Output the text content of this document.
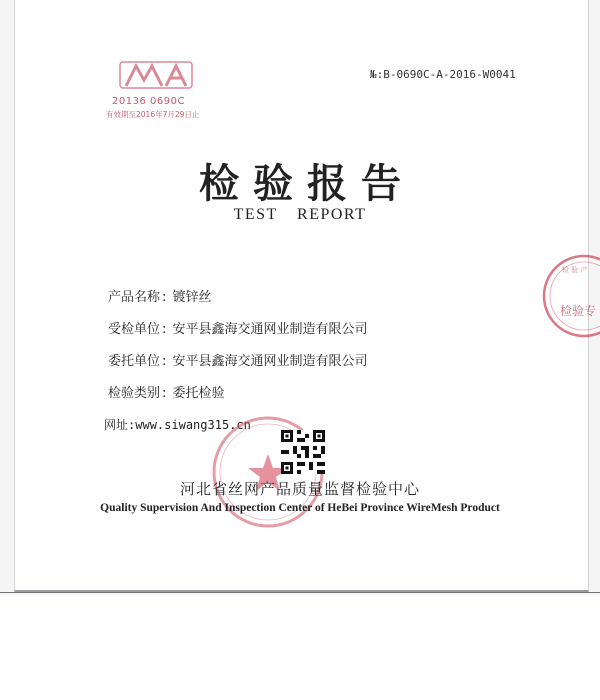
20136 0690C
有效期至2016年7月29日止
№:B-0690C-A-2016-W0041
检验报告
TEST REPORT
检 验 产
检验专
产品名称 : 镀锌丝
受检单位 : 安平县鑫海交通网业制造有限公司
委托单位 : 安平县鑫海交通网业制造有限公司
检验类别 : 委托检验
网址:www.siwang315.cn
河北省丝网产品质量监督检验中心
Quality Supervision And Inspection Center of HeBei Province WireMesh Product
